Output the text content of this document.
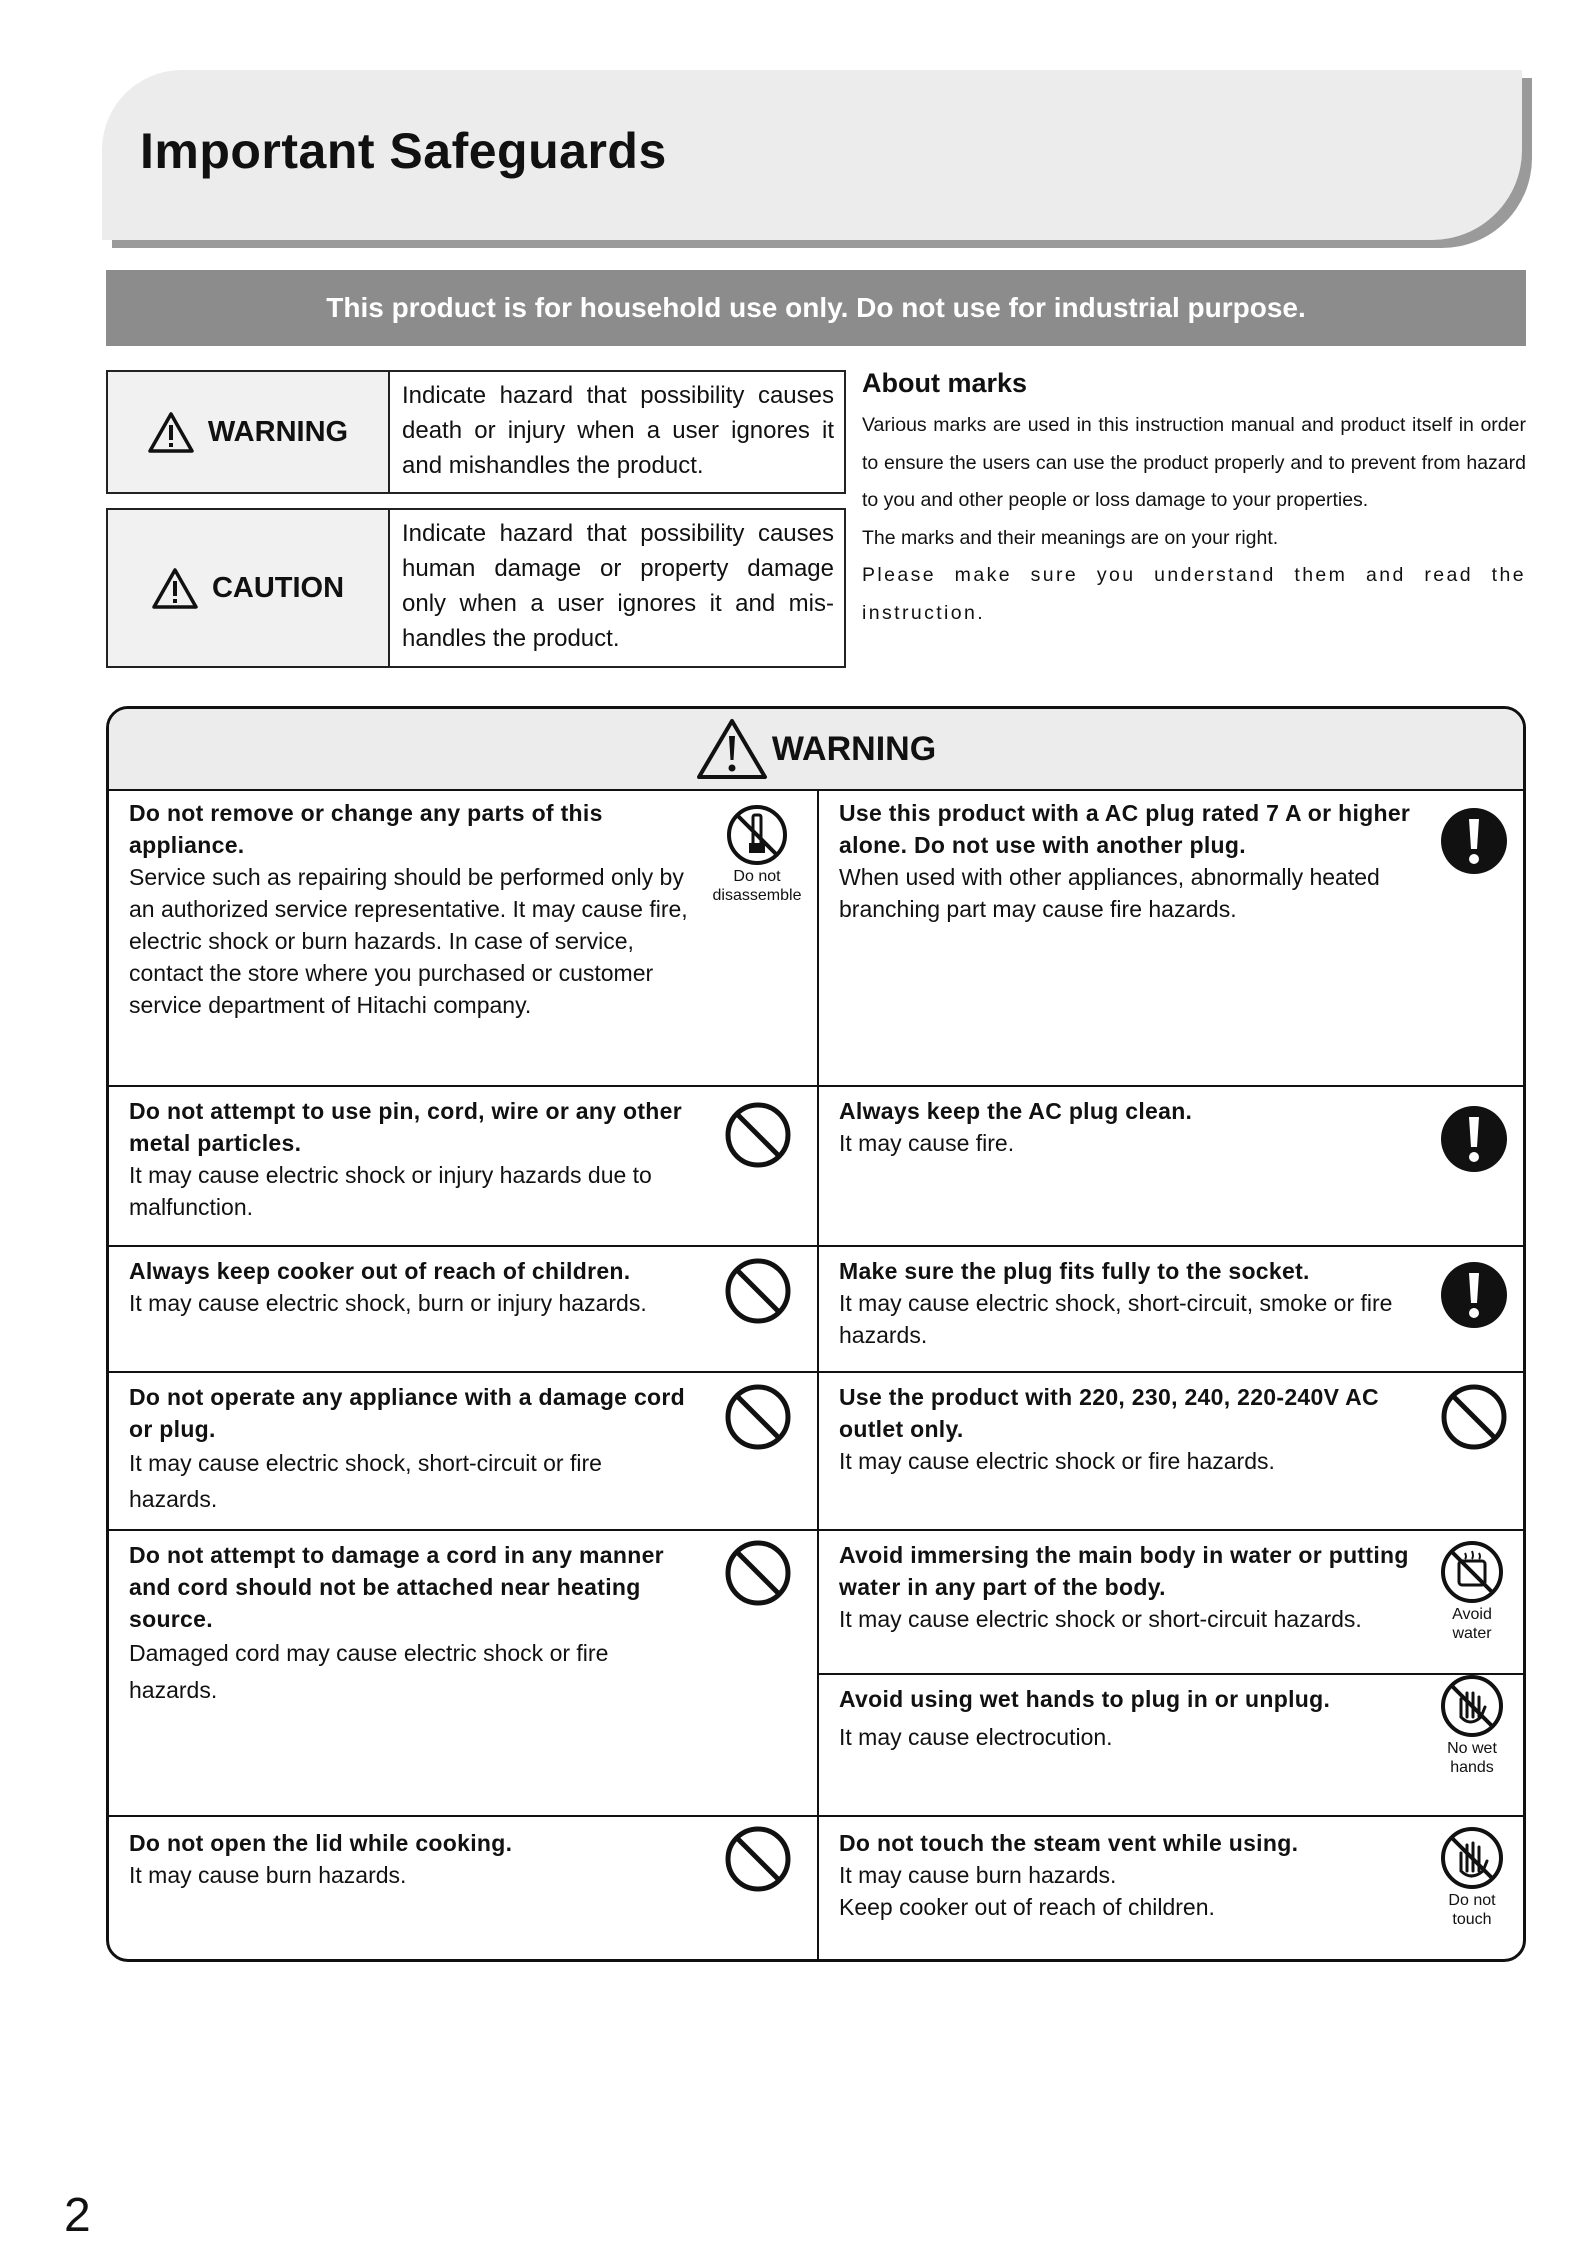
Important Safeguards
This product is for household use only. Do not use for industrial purpose.
WARNING
Indicate hazard that possibility causes death or injury when a user ignores it and mishandles the product.
CAUTION
Indicate hazard that possibility causes human damage or property damage only when a user ignores it and mis-handles the product.
About marks

Various marks are used in this instruction manual and product itself in order to ensure the users can use the product properly and to prevent from hazard to you and other people or loss damage to your properties.

The marks and their meanings are on your right.

Please make sure you understand them and read the instruction.

WARNING
Do not remove or change any parts of this appliance.
Service such as repairing should be performed only by an authorized service representative. It may cause fire, electric shock or burn hazards. In case of service, contact the store where you purchased or customer service department of Hitachi company.
Do not
disassemble
Use this product with a AC plug rated 7 A or higher alone. Do not use with another plug.
When used with other appliances, abnormally heated branching part may cause fire hazards.
Do not attempt to use pin, cord, wire or any other metal particles.
It may cause electric shock or injury hazards due to malfunction.
Always keep the AC plug clean.
It may cause fire.
Always keep cooker out of reach of children.
It may cause electric shock, burn or injury hazards.
Make sure the plug fits fully to the socket.
It may cause electric shock, short-circuit, smoke or fire hazards.
Do not operate any appliance with a damage cord or plug.
It may cause electric shock, short-circuit or fire hazards.
Use the product with 220, 230, 240, 220-240V AC outlet only.
It may cause electric shock or fire hazards.
Do not attempt to damage a cord in any manner and cord should not be attached near heating source.
Damaged cord may cause electric shock or fire hazards.
Avoid immersing the main body in water or putting water in any part of the body.
It may cause electric shock or short-circuit hazards.	Avoid
water
Avoid using wet hands to plug in or unplug.
It may cause electrocution.	No wet
hands
Do not open the lid while cooking.
It may cause burn hazards.
Do not touch the steam vent while using.
It may cause burn hazards.
Keep cooker out of reach of children.	Do not
touch
2
